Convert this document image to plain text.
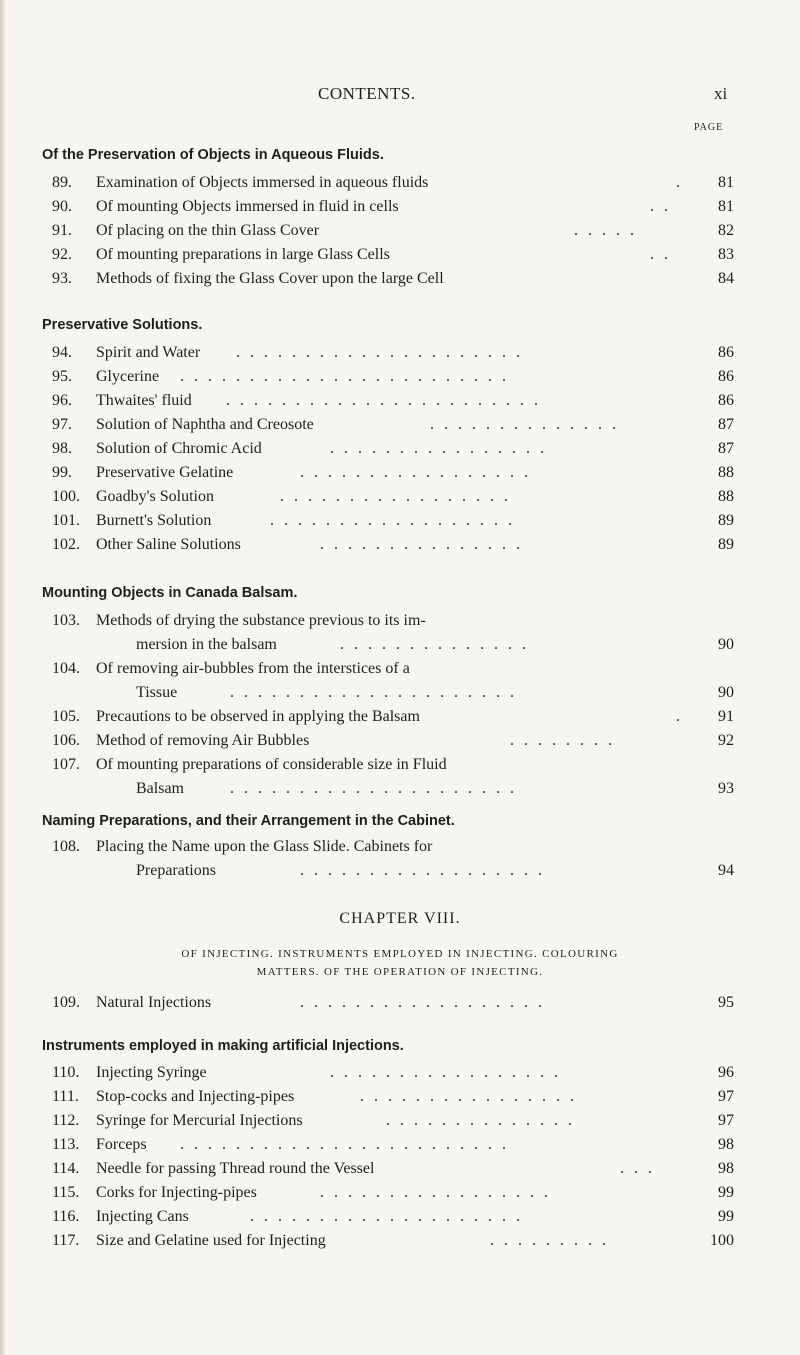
CONTENTS.	xi
PAGE
Of the Preservation of Objects in Aqueous Fluids.
89.	Examination of Objects immersed in aqueous fluids	.	81
90.	Of mounting Objects immersed in fluid in cells	..	81
91.	Of placing on the thin Glass Cover	.....	82
92.	Of mounting preparations in large Glass Cells	..	83
93.	Methods of fixing the Glass Cover upon the large Cell	84
Preservative Solutions.
94.	Spirit and Water .....................	86
95.	Glycerine ........................	86
96.	Thwaites' fluid .......................	86
97.	Solution of Naphtha and Creosote	..............	87
98.	Solution of Chromic Acid	................	87
99.	Preservative Gelatine	.................	88
100.	Goadby's Solution	.................	88
101.	Burnett's Solution	..................	89
102.	Other Saline Solutions	...............	89
Mounting Objects in Canada Balsam.
103.	Methods of drying the substance previous to its im-
mersion in the balsam	..............	90
104.	Of removing air-bubbles from the interstices of a
Tissue	.....................	90
105.	Precautions to be observed in applying the Balsam	.	91
106.	Method of removing Air Bubbles	........	92
107.	Of mounting preparations of considerable size in Fluid
Balsam	.....................	93
Naming Preparations, and their Arrangement in the Cabinet.
108.	Placing the Name upon the Glass Slide. Cabinets for
Preparations	..................	94
CHAPTER VIII.
OF INJECTING. INSTRUMENTS EMPLOYED IN INJECTING. COLOURING
MATTERS. OF THE OPERATION OF INJECTING.
109.	Natural Injections	..................	95
Instruments employed in making artificial Injections.
110.	Injecting Syringe	.................	96
111.	Stop-cocks and Injecting-pipes	................	97
112.	Syringe for Mercurial Injections	..............	97
113.	Forceps ........................	98
114.	Needle for passing Thread round the Vessel	...	98
115.	Corks for Injecting-pipes	.................	99
116.	Injecting Cans	....................	99
117.	Size and Gelatine used for Injecting	.........	100
